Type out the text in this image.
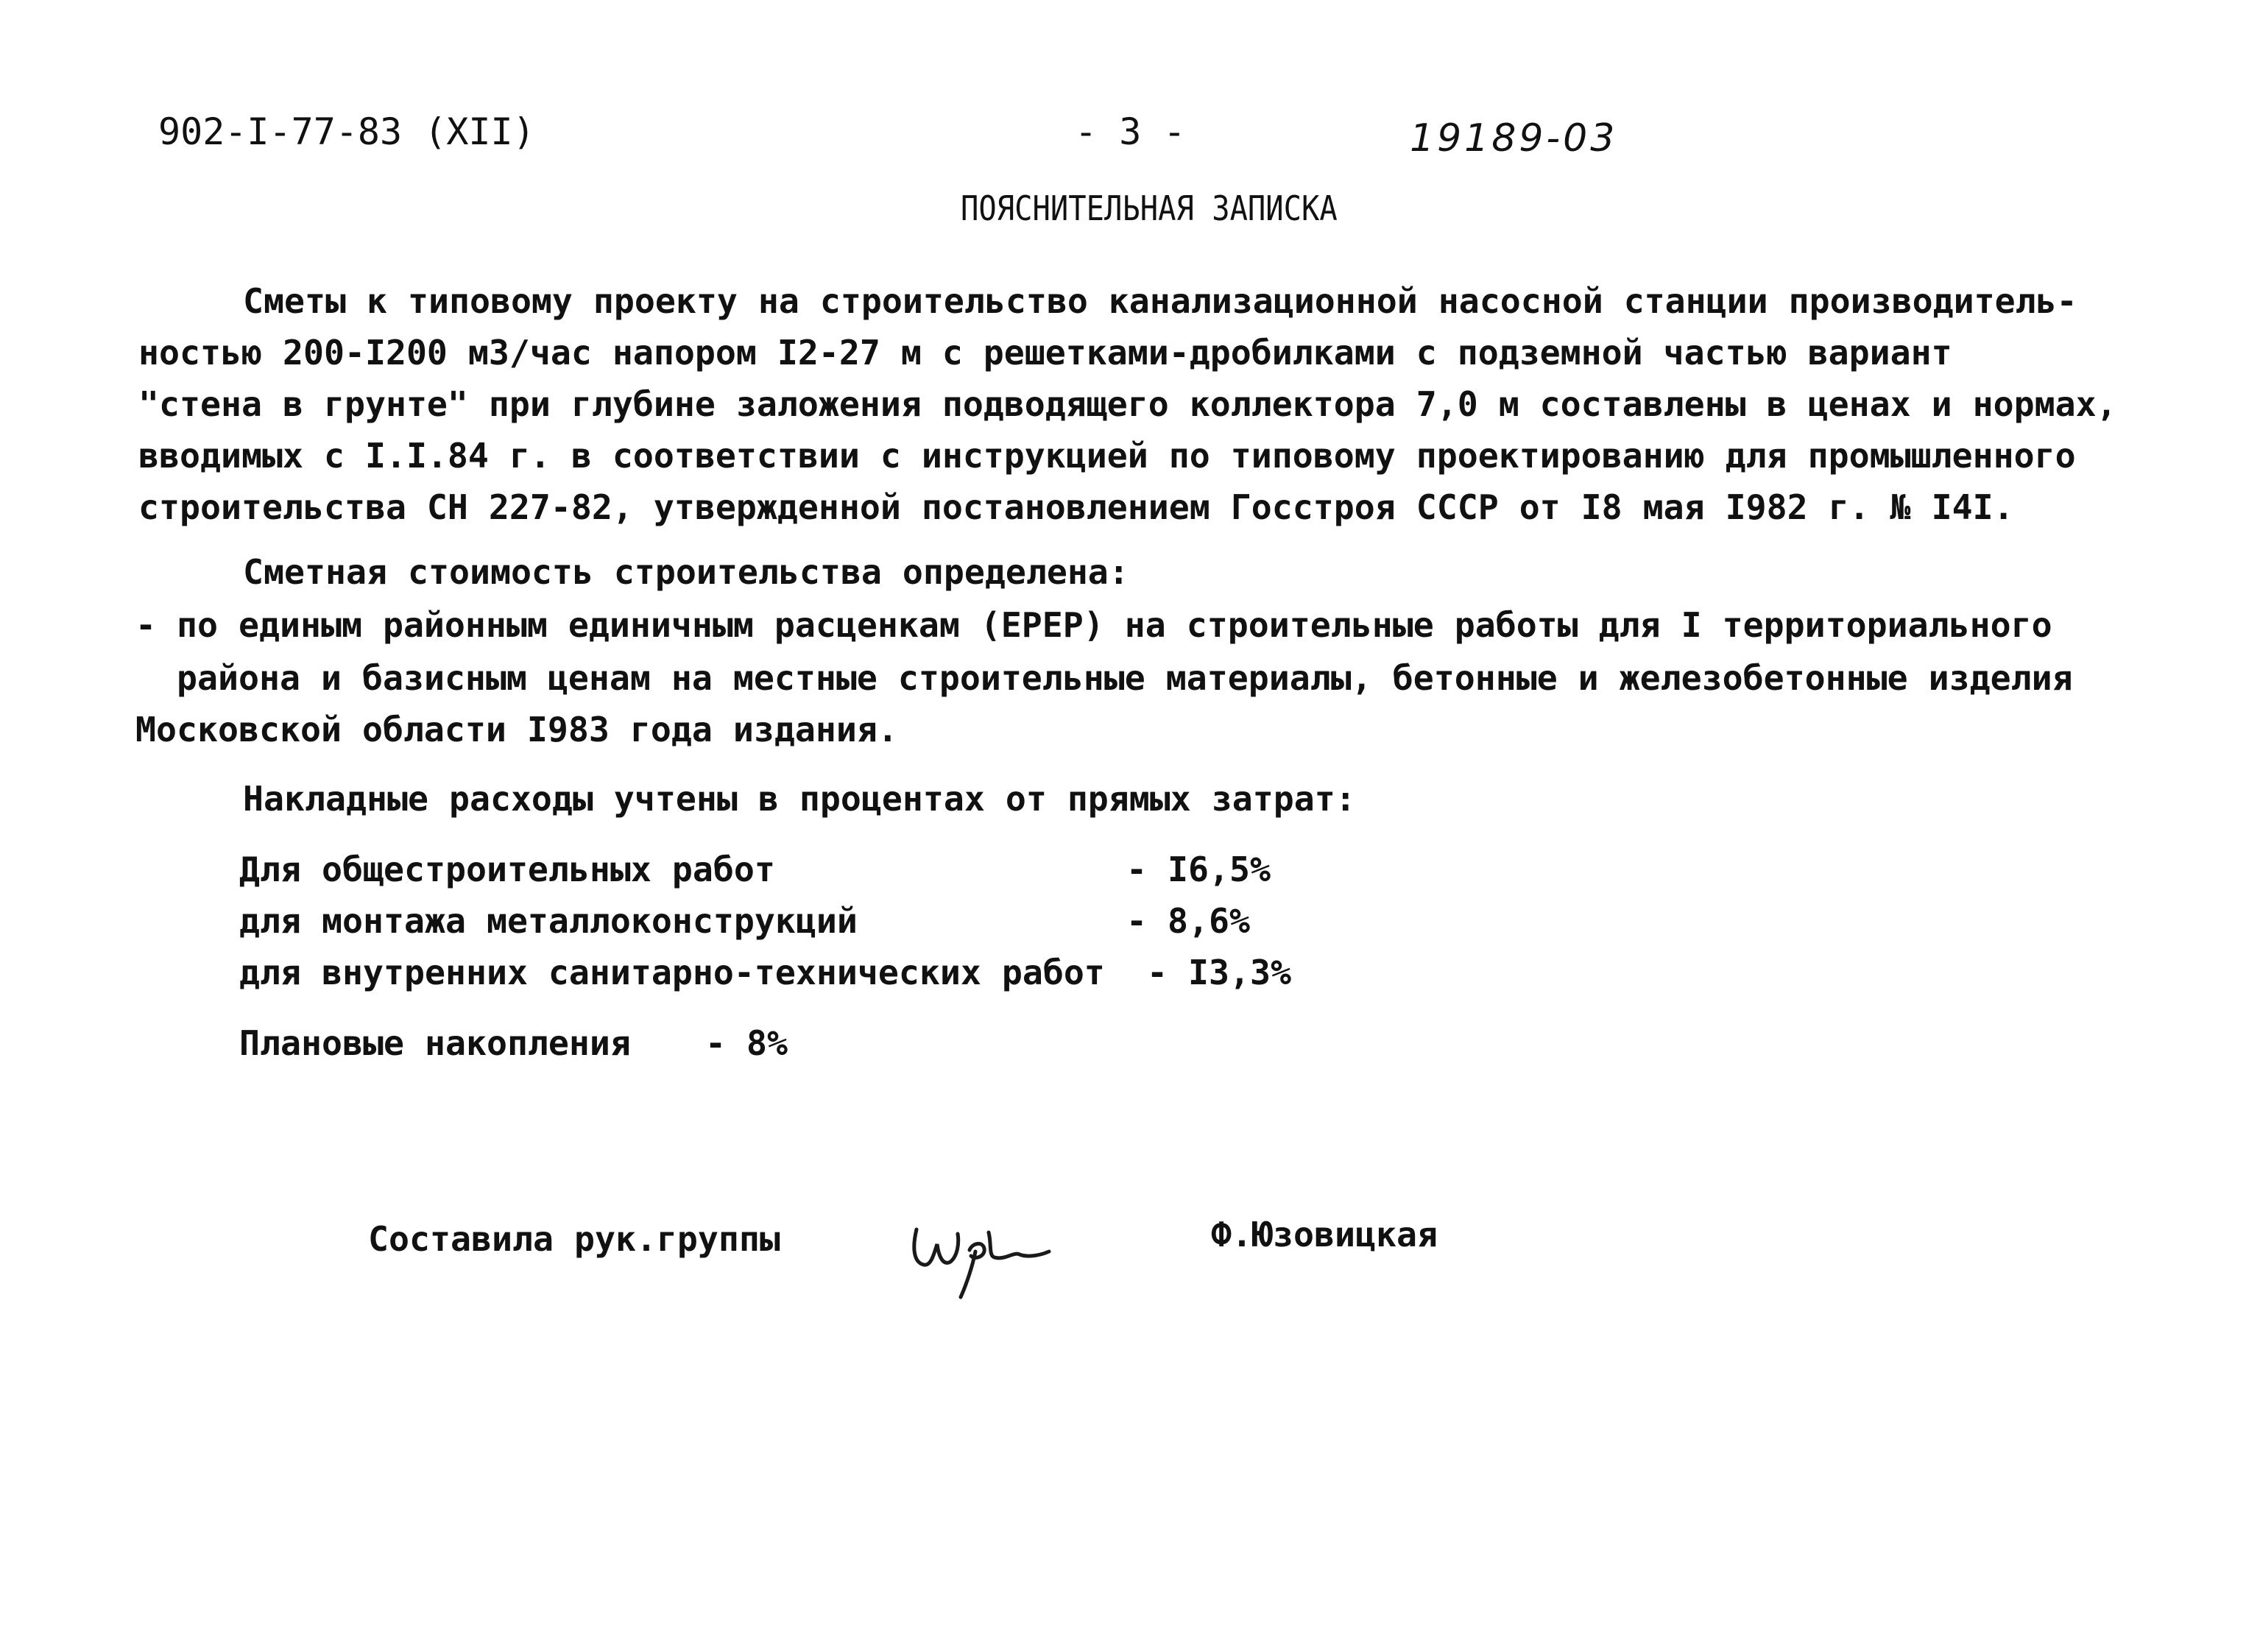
902-I-77-83 (XII)	- 3 -	19189-03
ПОЯСНИТЕЛЬНАЯ ЗАПИСКА
Сметы к типовому проекту на строительство канализационной насосной станции производитель-
ностью 200-I200 м3/час напором I2-27 м с решетками-дробилками с подземной частью вариант
"стена в грунте" при глубине заложения подводящего коллектора 7,0 м составлены в ценах и нормах,
вводимых с I.I.84 г. в соответствии с инструкцией по типовому проектированию для промышленного
строительства СН 227-82, утвержденной постановлением Госстроя СССР от I8 мая I982 г. № I4I.
Сметная стоимость строительства определена:
- по единым районным единичным расценкам (ЕРЕР) на строительные работы для I территориального
района и базисным ценам на местные строительные материалы, бетонные и железобетонные изделия
Московской области I983 года издания.
Накладные расходы учтены в процентах от прямых затрат:
Для общестроительных работ	- I6,5%
для монтажа металлоконструкций	- 8,6%
для внутренних санитарно-технических работ - I3,3%
Плановые накопления - 8%
Составила рук.группы	Ф.Юзовицкая
